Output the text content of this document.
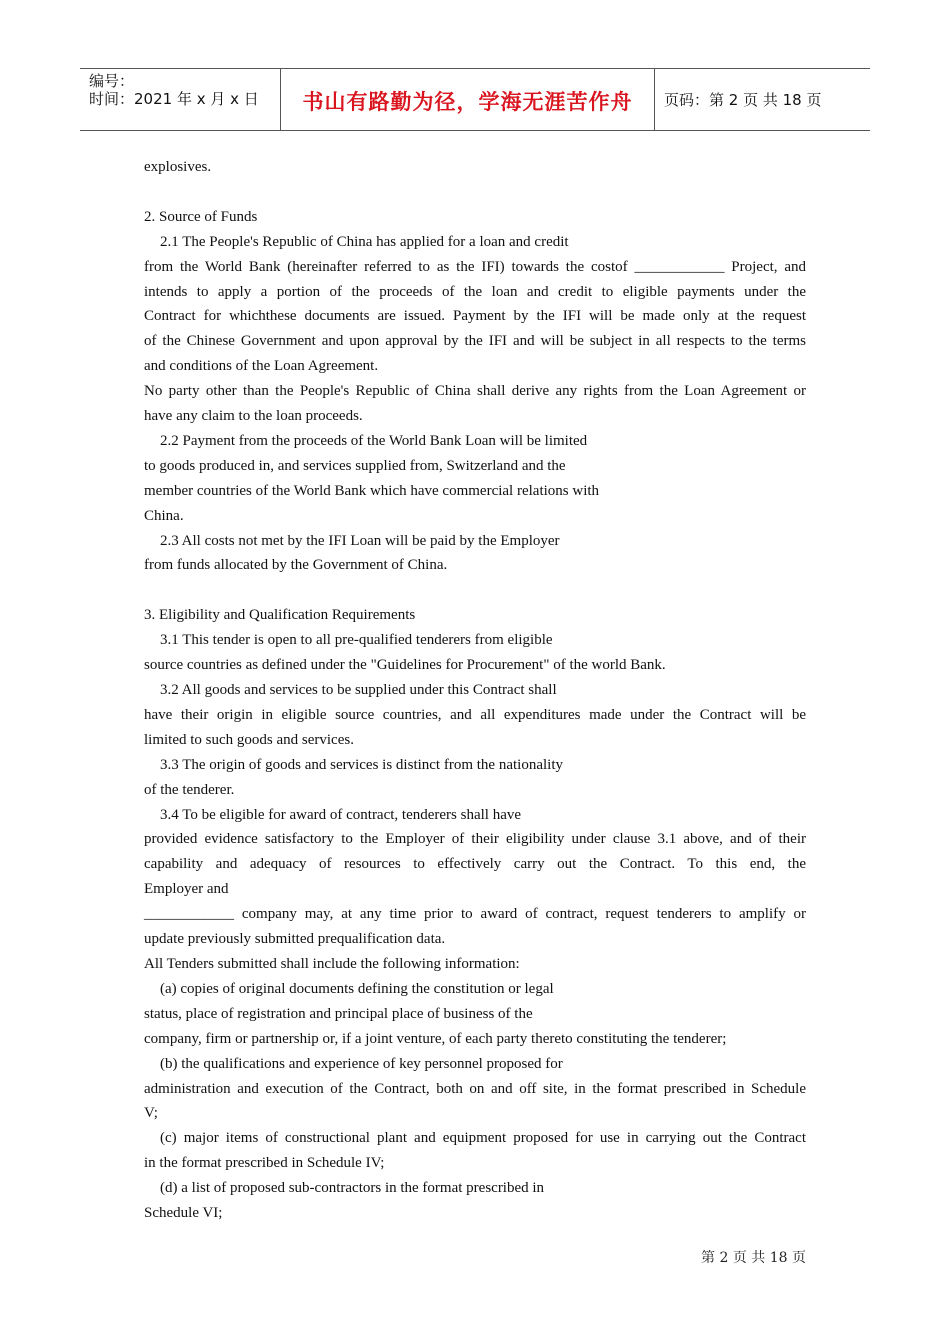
编号：
时间：2021 年 x 月 x 日 书山有路勤为径，学海无涯苦作舟	页码：第 2 页 共 18 页

explosives.

2. Source of Funds

2.1 The People's Republic of China has applied for a loan and credit

from the World Bank (hereinafter referred to as the IFI) towards the costof ____________ Project, and

intends to apply a portion of the proceeds of the loan and credit to eligible payments under the

Contract for whichthese documents are issued. Payment by the IFI will be made only at the request

of the Chinese Government and upon approval by the IFI and will be subject in all respects to the terms

and conditions of the Loan Agreement.

No party other than the People's Republic of China shall derive any rights from the Loan Agreement or

have any claim to the loan proceeds.

2.2 Payment from the proceeds of the World Bank Loan will be limited

to goods produced in, and services supplied from, Switzerland and the

member countries of the World Bank which have commercial relations with

China.

2.3 All costs not met by the IFI Loan will be paid by the Employer

from funds allocated by the Government of China.

3. Eligibility and Qualification Requirements

3.1 This tender is open to all pre-qualified tenderers from eligible

source countries as defined under the "Guidelines for Procurement" of the world Bank.

3.2 All goods and services to be supplied under this Contract shall

have their origin in eligible source countries, and all expenditures made under the Contract will be

limited to such goods and services.

3.3 The origin of goods and services is distinct from the nationality

of the tenderer.

3.4 To be eligible for award of contract, tenderers shall have

provided evidence satisfactory to the Employer of their eligibility under clause 3.1 above, and of their

capability and adequacy of resources to effectively carry out the Contract. To this end, the

Employer and

____________ company may, at any time prior to award of contract, request tenderers to amplify or

update previously submitted prequalification data.

All Tenders submitted shall include the following information:

(a) copies of original documents defining the constitution or legal

status, place of registration and principal place of business of the

company, firm or partnership or, if a joint venture, of each party thereto constituting the tenderer;

(b) the qualifications and experience of key personnel proposed for

administration and execution of the Contract, both on and off site, in the format prescribed in Schedule

V;

(c) major items of constructional plant and equipment proposed for use in carrying out the Contract

in the format prescribed in Schedule IV;

(d) a list of proposed sub-contractors in the format prescribed in

Schedule VI;

第 2 页 共 18 页
